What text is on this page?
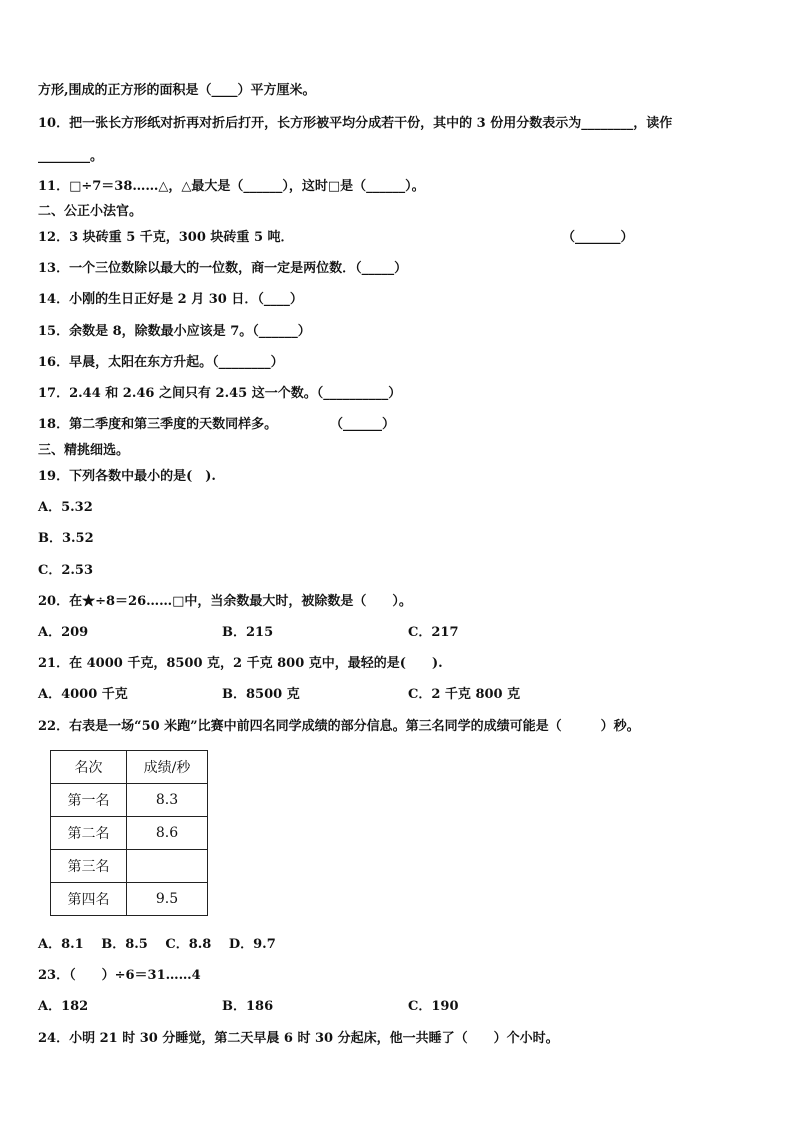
方形,围成的正方形的面积是（____）平方厘米。
10．把一张长方形纸对折再对折后打开，长方形被平均分成若干份，其中的 3 份用分数表示为________，读作
________。
11．□÷7＝38……△，△最大是（______），这时□是（______）。
二、公正小法官。
12．3 块砖重 5 千克，300 块砖重 5 吨．	（_______）
13．一个三位数除以最大的一位数，商一定是两位数．（_____）
14．小刚的生日正好是 2 月 30 日．（____）
15．余数是 8，除数最小应该是 7。（______）
16．早晨，太阳在东方升起。（________）
17．2.44 和 2.46 之间只有 2.45 这一个数。（__________）
18．第二季度和第三季度的天数同样多。	（______）
三、精挑细选。
19．下列各数中最小的是(　).
A．5.32
B．3.52
C．2.53
20．在★÷8＝26……□中，当余数最大时，被除数是（　　）。
A．209	B．215	C．217
21．在 4000 千克，8500 克，2 千克 800 克中，最轻的是(　　).
A．4000 千克	B．8500 克	C．2 千克 800 克
22．右表是一场“50 米跑”比赛中前四名同学成绩的部分信息。第三名同学的成绩可能是（　　　）秒。
名次	成绩/秒
第一名	8.3
第二名	8.6
第三名	
第四名	9.5
A．8.1　 B．8.5　 C．8.8　 D．9.7
23．（　　）÷6＝31……4
A．182	B．186	C．190
24．小明 21 时 30 分睡觉，第二天早晨 6 时 30 分起床，他一共睡了（　　）个小时。
